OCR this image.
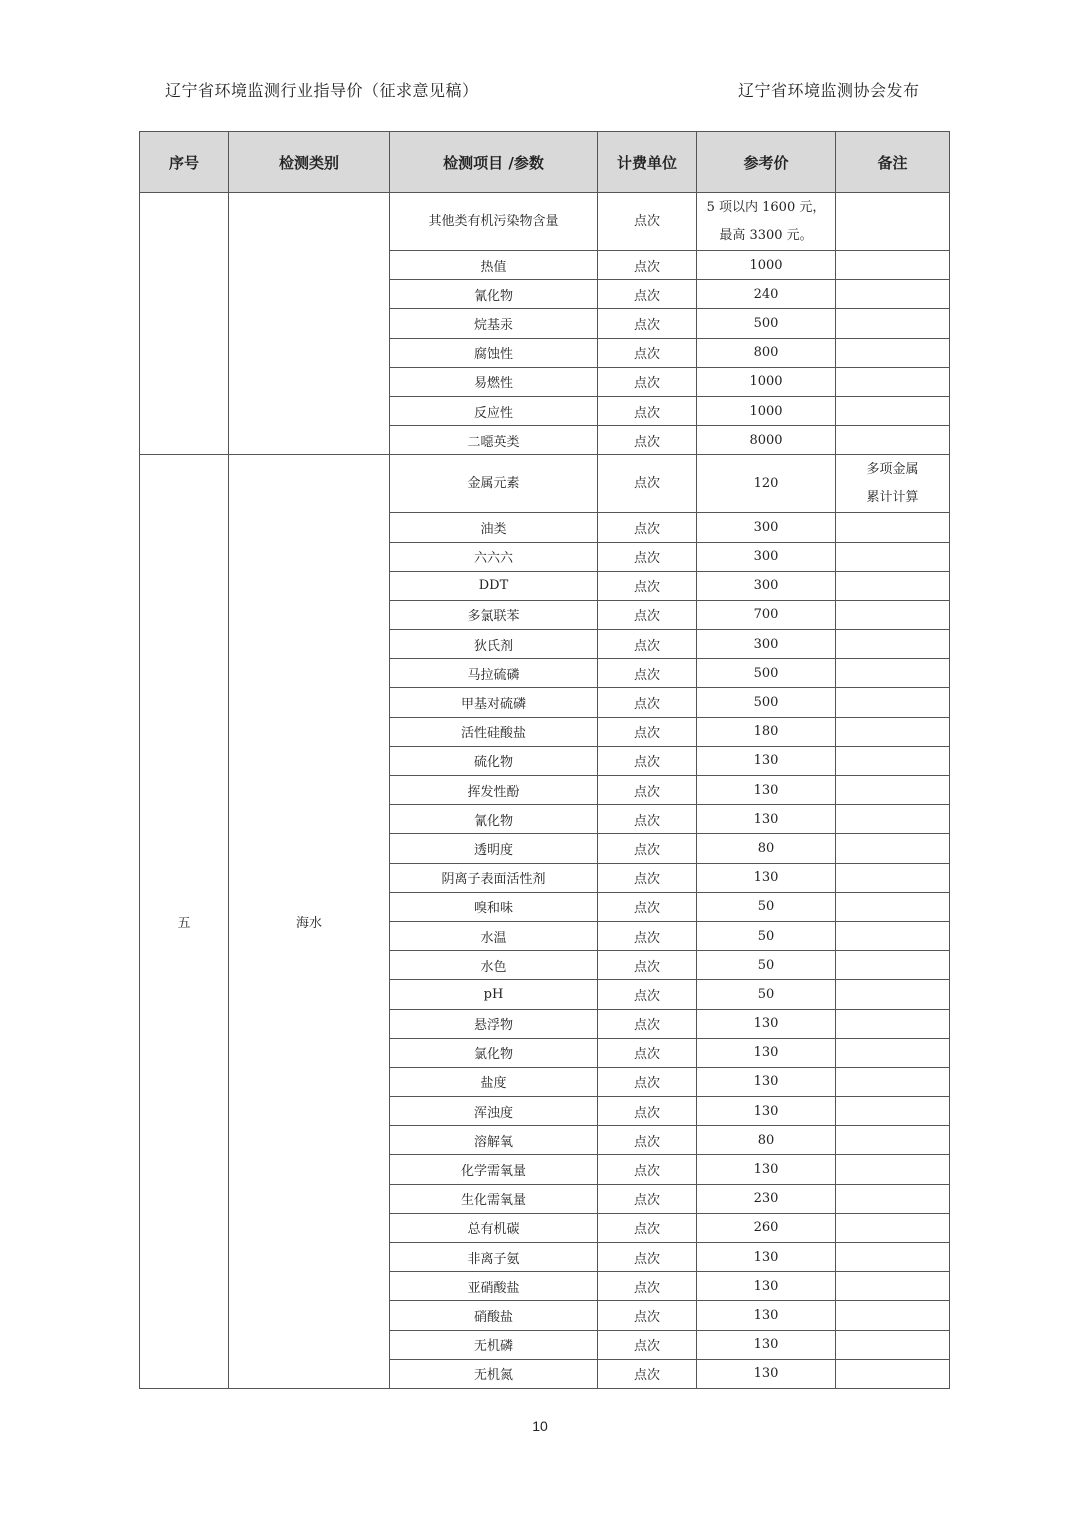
辽宁省环境监测行业指导价（征求意见稿）	辽宁省环境监测协会发布
序号	检测类别	检测项目 /参数	计费单位	参考价	备注
		其他类有机污染物含量	点次	5 项以内 1600 元，
最高 3300 元。	

		热值	点次	1000	
		氰化物	点次	240	
		烷基汞	点次	500	
		腐蚀性	点次	800	
		易燃性	点次	1000	
		反应性	点次	1000	
		二噁英类	点次	8000	
五	海水	金属元素	点次	120	多项金属
累计计算

		油类	点次	300	
		六六六	点次	300	
		DDT	点次	300	
		多氯联苯	点次	700	
		狄氏剂	点次	300	
		马拉硫磷	点次	500	
		甲基对硫磷	点次	500	
		活性硅酸盐	点次	180	
		硫化物	点次	130	
		挥发性酚	点次	130	
		氰化物	点次	130	
		透明度	点次	80	
		阴离子表面活性剂	点次	130	
		嗅和味	点次	50	
		水温	点次	50	
		水色	点次	50	
		pH	点次	50	
		悬浮物	点次	130	
		氯化物	点次	130	
		盐度	点次	130	
		浑浊度	点次	130	
		溶解氧	点次	80	
		化学需氧量	点次	130	
		生化需氧量	点次	230	
		总有机碳	点次	260	
		非离子氨	点次	130	
		亚硝酸盐	点次	130	
		硝酸盐	点次	130	
		无机磷	点次	130	
		无机氮	点次	130	
10
